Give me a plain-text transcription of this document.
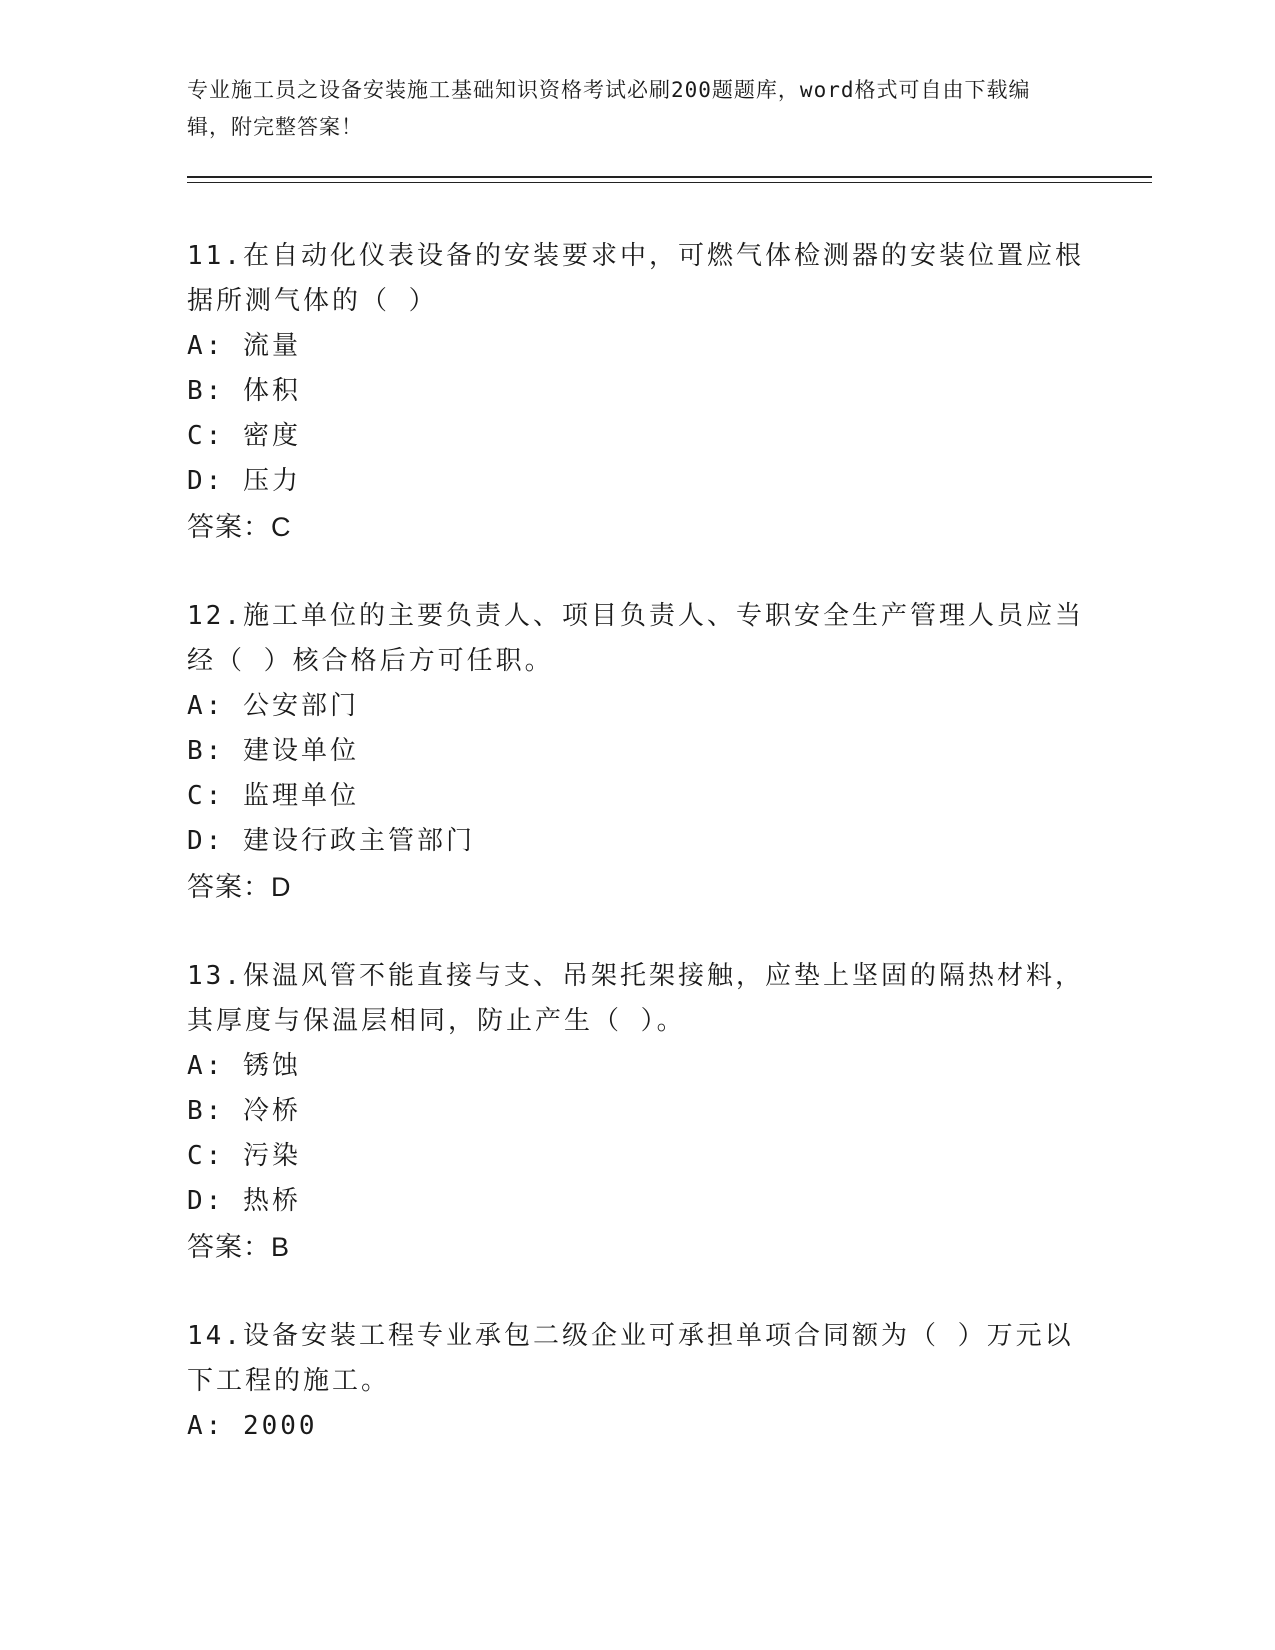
专业施工员之设备安装施工基础知识资格考试必刷200题题库，word格式可自由下载编辑，附完整答案！
11.在自动化仪表设备的安装要求中，可燃气体检测器的安装位置应根据所测气体的（ ）
A: 流量
B: 体积
C: 密度
D: 压力
答案：C
12.施工单位的主要负责人、项目负责人、专职安全生产管理人员应当经（ ）核合格后方可任职。
A: 公安部门
B: 建设单位
C: 监理单位
D: 建设行政主管部门
答案：D
13.保温风管不能直接与支、吊架托架接触，应垫上坚固的隔热材料，其厚度与保温层相同，防止产生（ ）。
A: 锈蚀
B: 冷桥
C: 污染
D: 热桥
答案：B
14.设备安装工程专业承包二级企业可承担单项合同额为（ ）万元以下工程的施工。
A: 2000
